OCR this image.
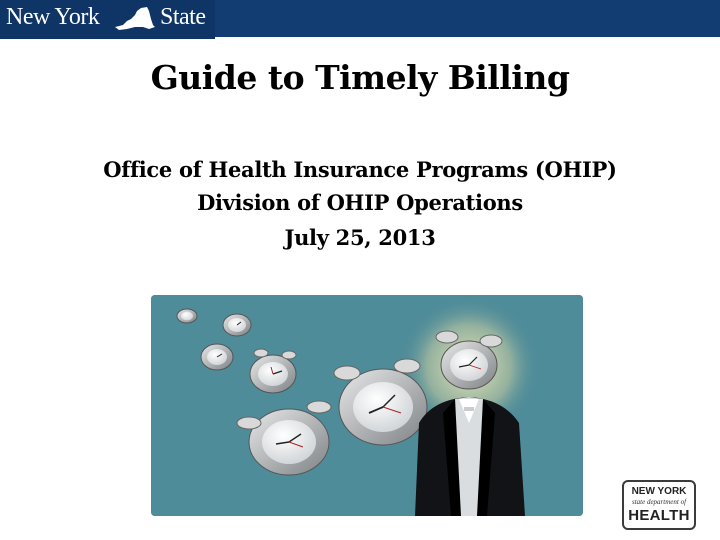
New York	State
Guide to Timely Billing
Office of Health Insurance Programs (OHIP)
Division of OHIP Operations
July 25, 2013
NEW YORK
state department of
HEALTH
